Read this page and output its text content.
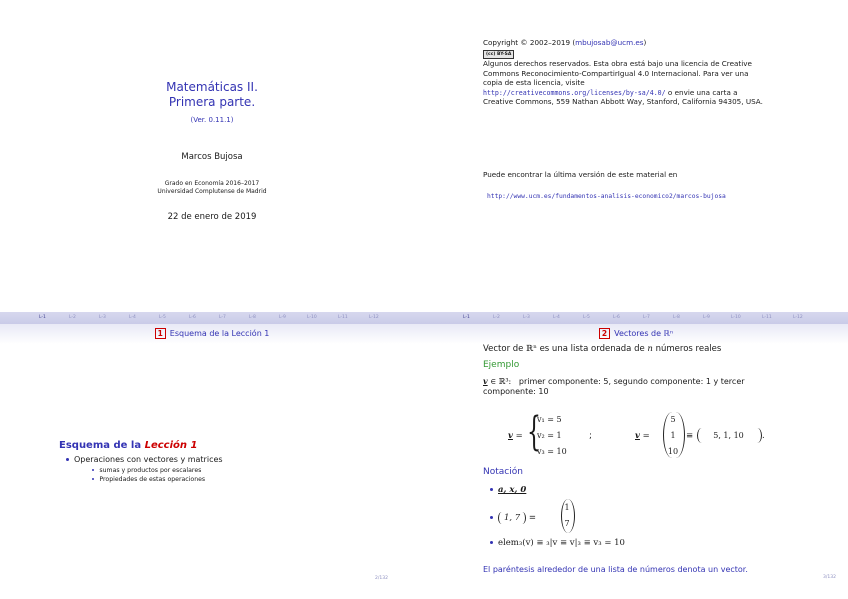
Matemáticas II.
Primera parte.
(Ver. 0.11.1)
Marcos Bujosa
Grado en Economía 2016–2017
Universidad Complutense de Madrid
22 de enero de 2019
Copyright © 2002–2019 (mbujosab@ucm.es)
(cc) BY-SA
Algunos derechos reservados. Esta obra está bajo una licencia de Creative
Commons Reconocimiento-CompartirIgual 4.0 Internacional. Para ver una
copia de esta licencia, visite
http://creativecommons.org/licenses/by-sa/4.0/ o envie una carta a
Creative Commons, 559 Nathan Abbott Way, Stanford, California 94305, USA.
Puede encontrar la última versión de este material en
http://www.ucm.es/fundamentos-analisis-economico2/marcos-bujosa
L-1	L-2	L-3	L-4	L-5	L-6	L-7	L-8	L-9	L-10	L-11	L-12
1 Esquema de la Lección 1
Esquema de la Lección 1
Operaciones con vectores y matrices
sumas y productos por escalares
Propiedades de estas operaciones
2/132
L-1	L-2	L-3	L-4	L-5	L-6	L-7	L-8	L-9	L-10	L-11	L-12
2 Vectores de ℝⁿ
Vector de ℝⁿ es una lista ordenada de n números reales
Ejemplo
v ∈ ℝ³: primer componente: 5, segundo componente: 1 y tercer
componente: 10
v = {
v₁ = 5
v₂ = 1
v₃ = 10
;	v =
5
1
10
≡	5, 1, 10	.
Notación
a, x, 0
1, 7 =
1
7
elem₃(v) ≡ ₃|v ≡ v|₃ ≡ v₃ = 10
El paréntesis alrededor de una lista de números denota un vector.
3/132
